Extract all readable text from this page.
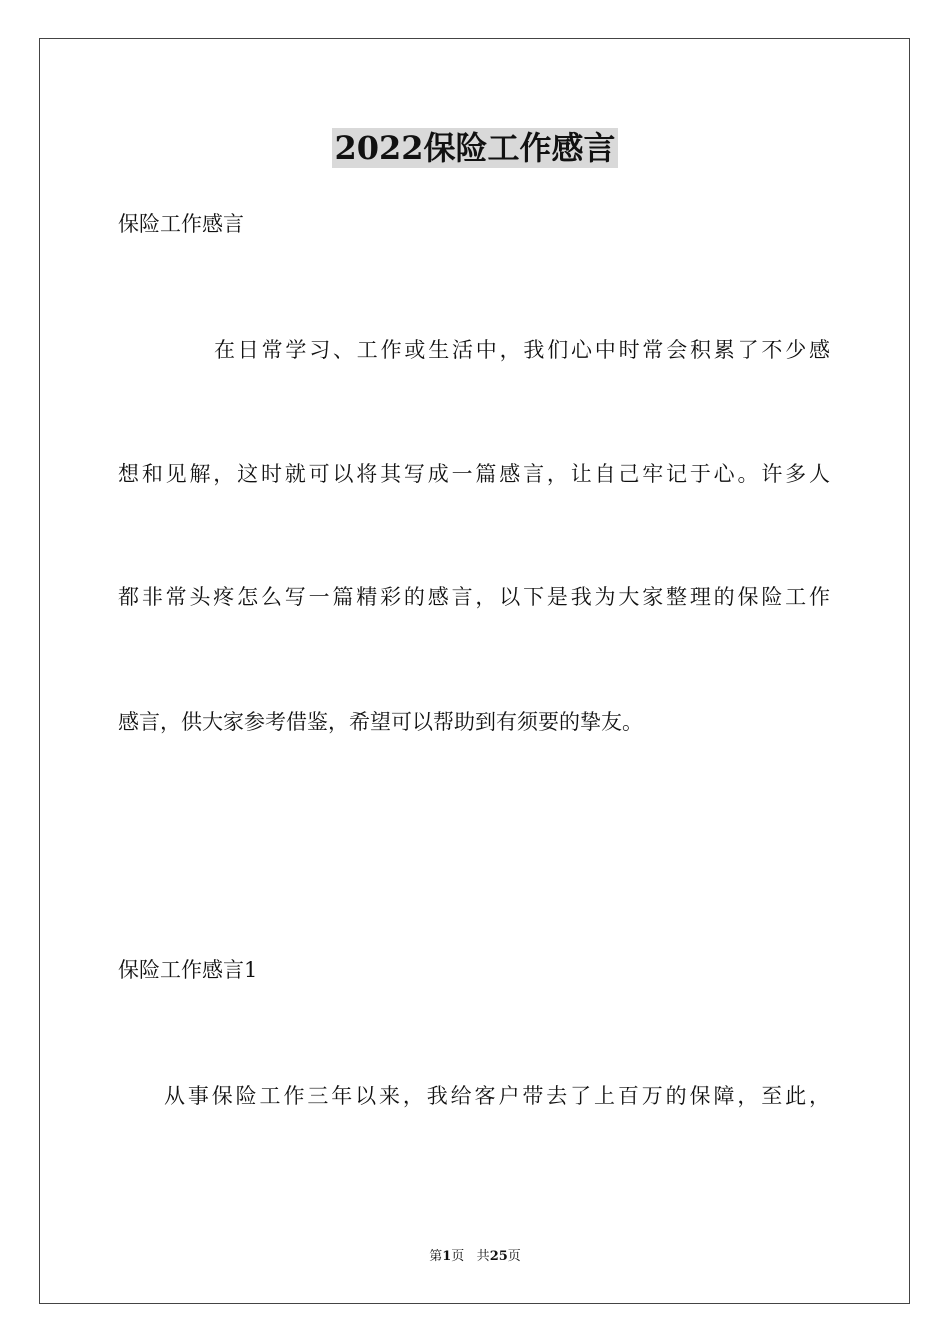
2022保险工作感言
保险工作感言
在日常学习、工作或生活中，我们心中时常会积累了不少感
想和见解，这时就可以将其写成一篇感言，让自己牢记于心。许多人
都非常头疼怎么写一篇精彩的感言，以下是我为大家整理的保险工作
感言，供大家参考借鉴，希望可以帮助到有须要的挚友。
保险工作感言1
从事保险工作三年以来，我给客户带去了上百万的保障，至此，
第1页 共25页
